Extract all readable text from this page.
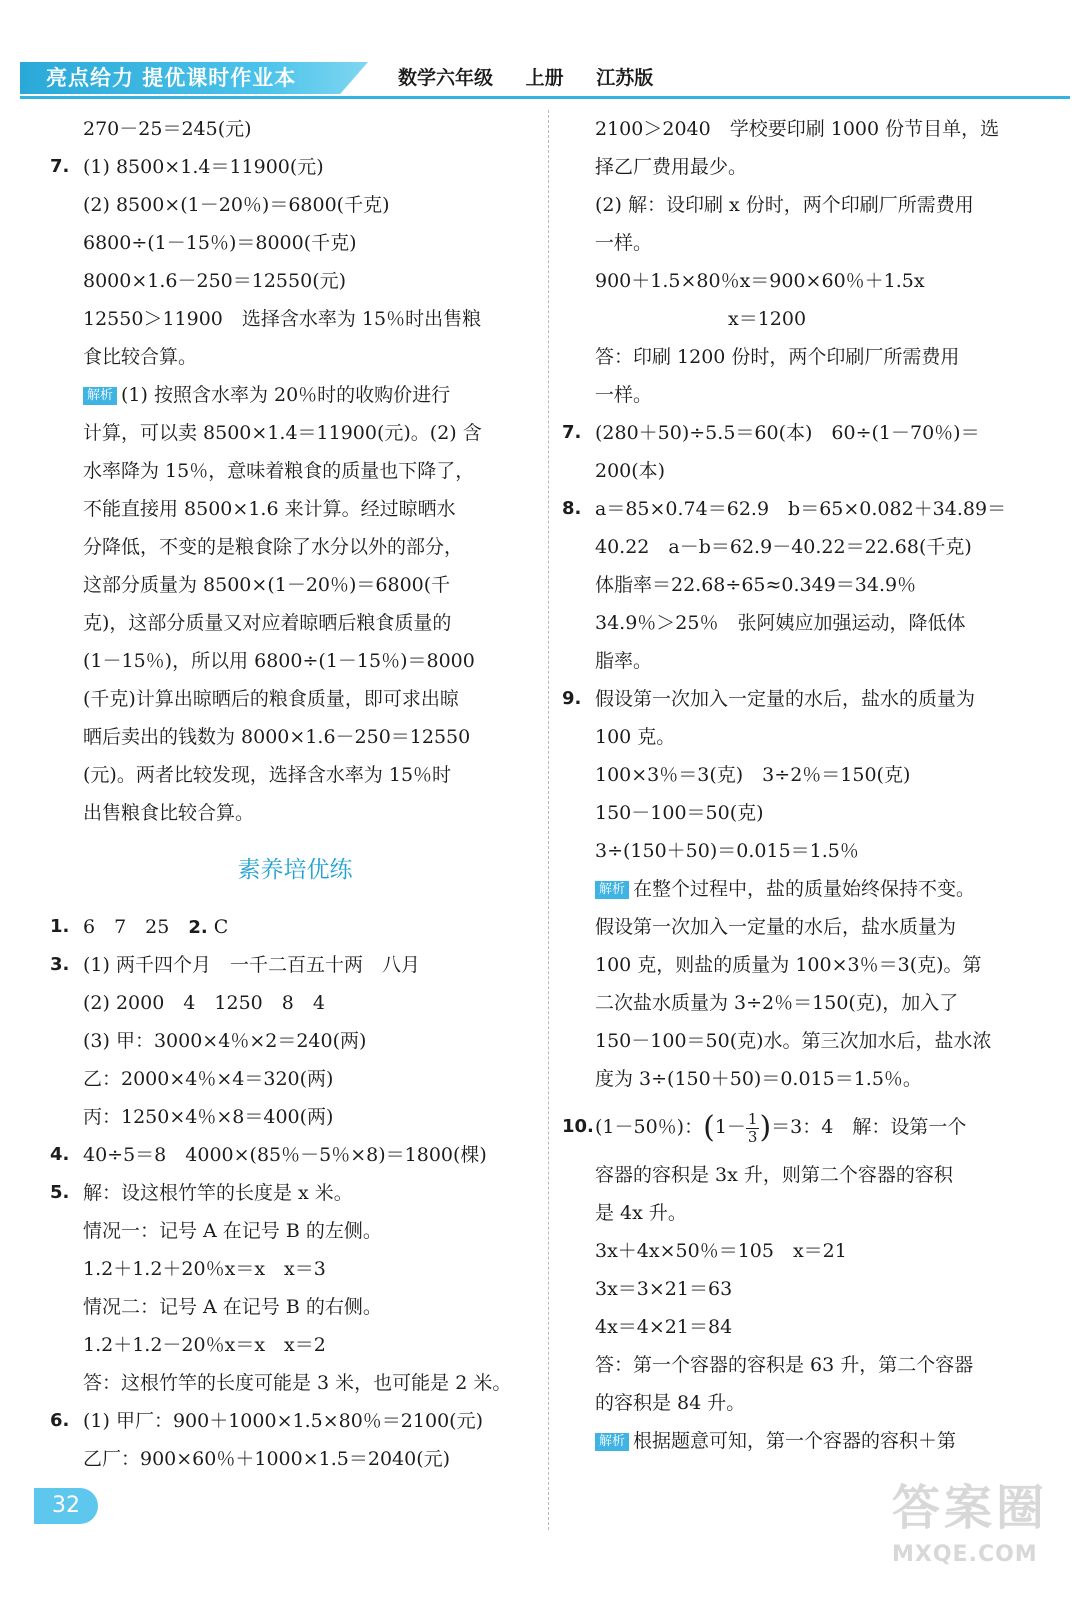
亮点给力 提优课时作业本	数学六年级 上册 江苏版
270－25＝245(元)
7. (1) 8500×1.4＝11900(元)
(2) 8500×(1－20％)＝6800(千克)
6800÷(1－15％)＝8000(千克)
8000×1.6－250＝12550(元)
12550＞11900　选择含水率为 15％时出售粮
食比较合算。
解析 (1) 按照含水率为 20％时的收购价进行
计算，可以卖 8500×1.4＝11900(元)。(2) 含
水率降为 15％，意味着粮食的质量也下降了，
不能直接用 8500×1.6 来计算。经过晾晒水
分降低，不变的是粮食除了水分以外的部分，
这部分质量为 8500×(1－20％)＝6800(千
克)，这部分质量又对应着晾晒后粮食质量的
(1－15％)，所以用 6800÷(1－15％)＝8000
(千克)计算出晾晒后的粮食质量，即可求出晾
晒后卖出的钱数为 8000×1.6－250＝12550
(元)。两者比较发现，选择含水率为 15％时
出售粮食比较合算。
素养培优练
1. 6　7　25　2. C
3. (1) 两千四个月　一千二百五十两　八月
(2) 2000　4　1250　8　4
(3) 甲：3000×4％×2＝240(两)
乙：2000×4％×4＝320(两)
丙：1250×4％×8＝400(两)
4. 40÷5＝8　4000×(85％－5％×8)＝1800(棵)
5. 解：设这根竹竿的长度是 x 米。
情况一：记号 A 在记号 B 的左侧。
1.2＋1.2＋20％x＝x　x＝3
情况二：记号 A 在记号 B 的右侧。
1.2＋1.2－20％x＝x　x＝2
答：这根竹竿的长度可能是 3 米，也可能是 2 米。
6. (1) 甲厂：900＋1000×1.5×80％＝2100(元)
乙厂：900×60％＋1000×1.5＝2040(元)
2100＞2040　学校要印刷 1000 份节目单，选
择乙厂费用最少。
(2) 解：设印刷 x 份时，两个印刷厂所需费用
一样。
900＋1.5×80％x＝900×60％＋1.5x
　　　　　　　x＝1200
答：印刷 1200 份时，两个印刷厂所需费用
一样。
7. (280＋50)÷5.5＝60(本)　60÷(1－70％)＝
200(本)
8. a＝85×0.74＝62.9　b＝65×0.082＋34.89＝
40.22　a－b＝62.9－40.22＝22.68(千克)
体脂率＝22.68÷65≈0.349＝34.9％
34.9％＞25％　张阿姨应加强运动，降低体
脂率。
9. 假设第一次加入一定量的水后，盐水的质量为
100 克。
100×3％＝3(克)　3÷2％＝150(克)
150－100＝50(克)
3÷(150＋50)＝0.015＝1.5％
解析 在整个过程中，盐的质量始终保持不变。
假设第一次加入一定量的水后，盐水质量为
100 克，则盐的质量为 100×3％＝3(克)。第
二次盐水质量为 3÷2％＝150(克)，加入了
150－100＝50(克)水。第三次加水后，盐水浓
度为 3÷(150＋50)＝0.015＝1.5％。
10. (1－50％)：$(1- \frac{1}{3} )=3$：4　解：设第一个
容器的容积是 3x 升，则第二个容器的容积
是 4x 升。
3x＋4x×50％＝105　x＝21
3x＝3×21＝63
4x＝4×21＝84
答：第一个容器的容积是 63 升，第二个容器
的容积是 84 升。
解析 根据题意可知，第一个容器的容积＋第
32	答案圈
MXQE.COM
